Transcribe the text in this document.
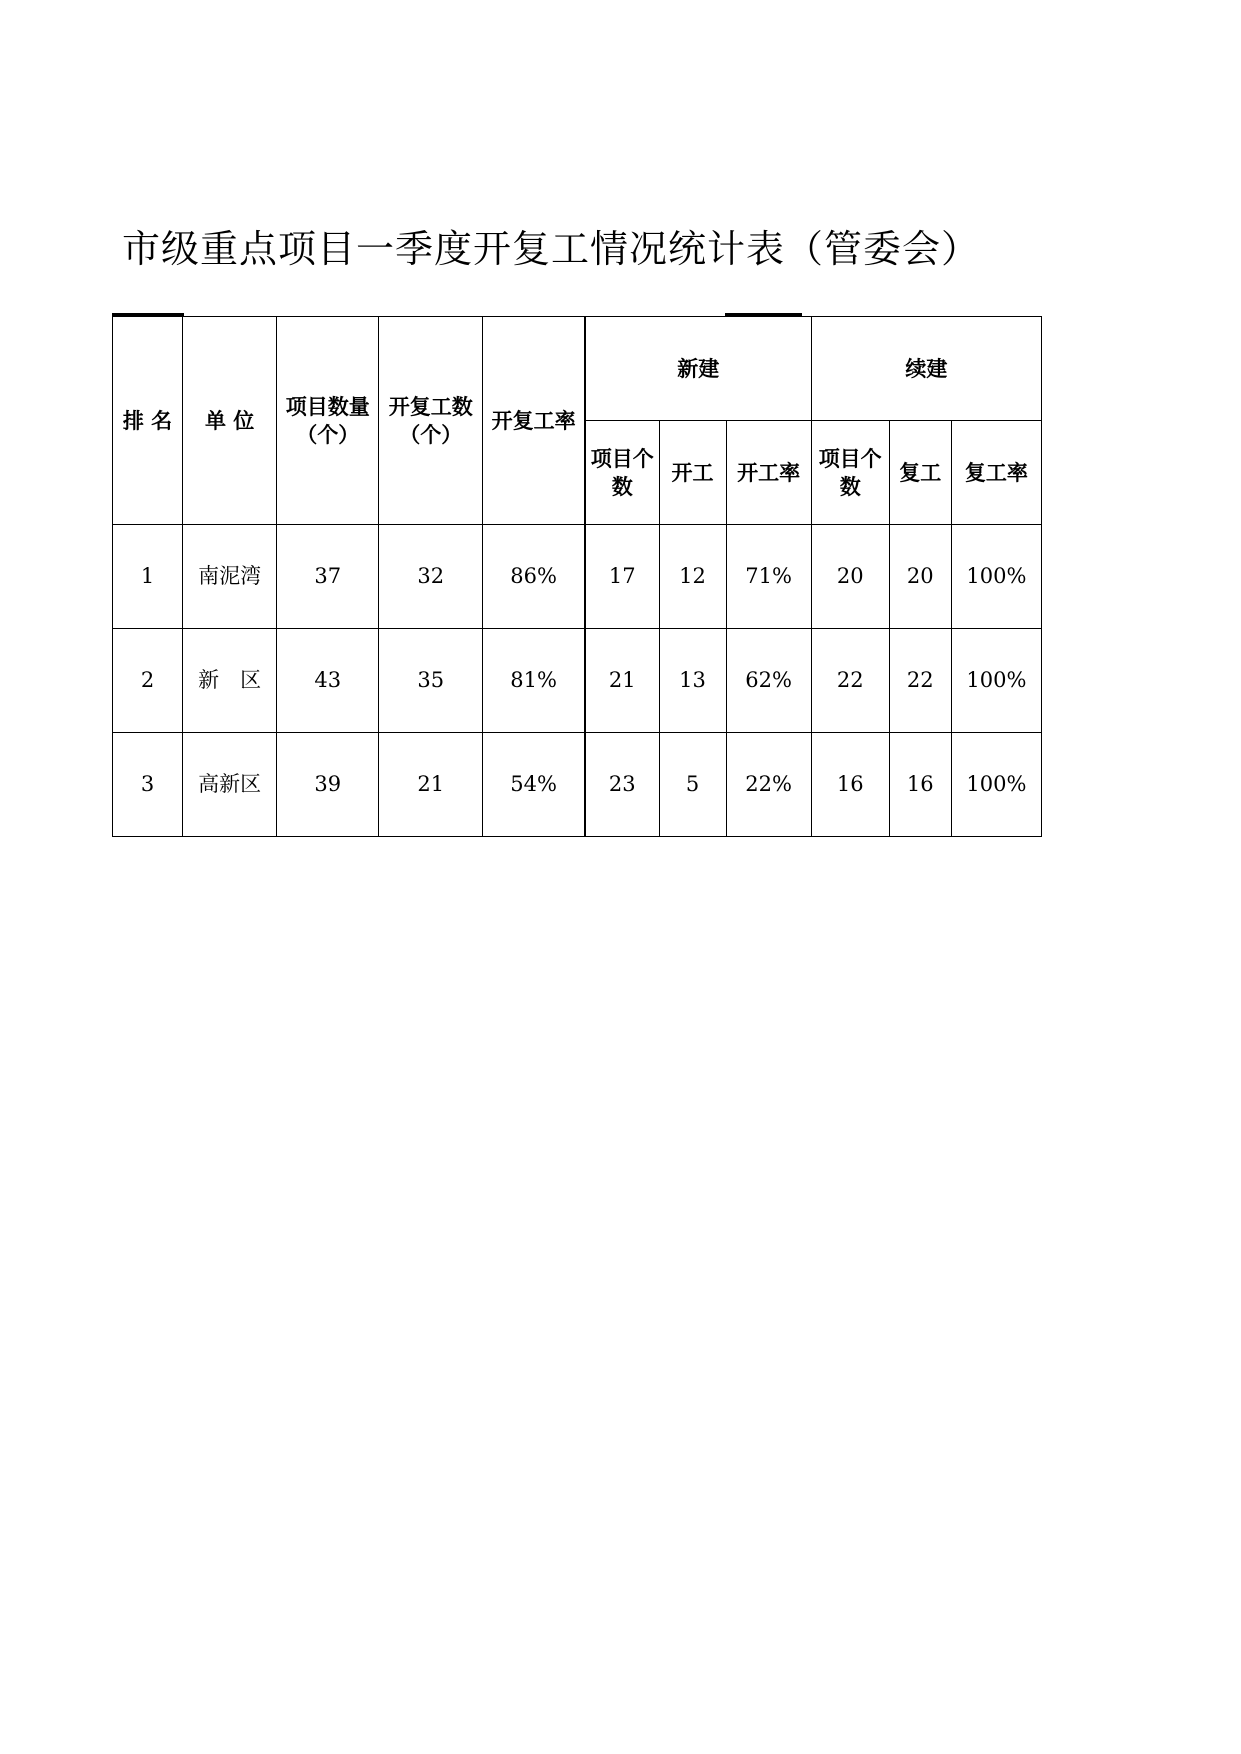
市级重点项目一季度开复工情况统计表（管委会）
排 名	单 位	项目数量（个）	开复工数（个）	开复工率	新建			续建		
					项目个数	开工	开工率	项目个数	复工	复工率
1	南泥湾	37	32	86%	17	12	71%	20	20	100%
2	新　区	43	35	81%	21	13	62%	22	22	100%
3	高新区	39	21	54%	23	5	22%	16	16	100%
